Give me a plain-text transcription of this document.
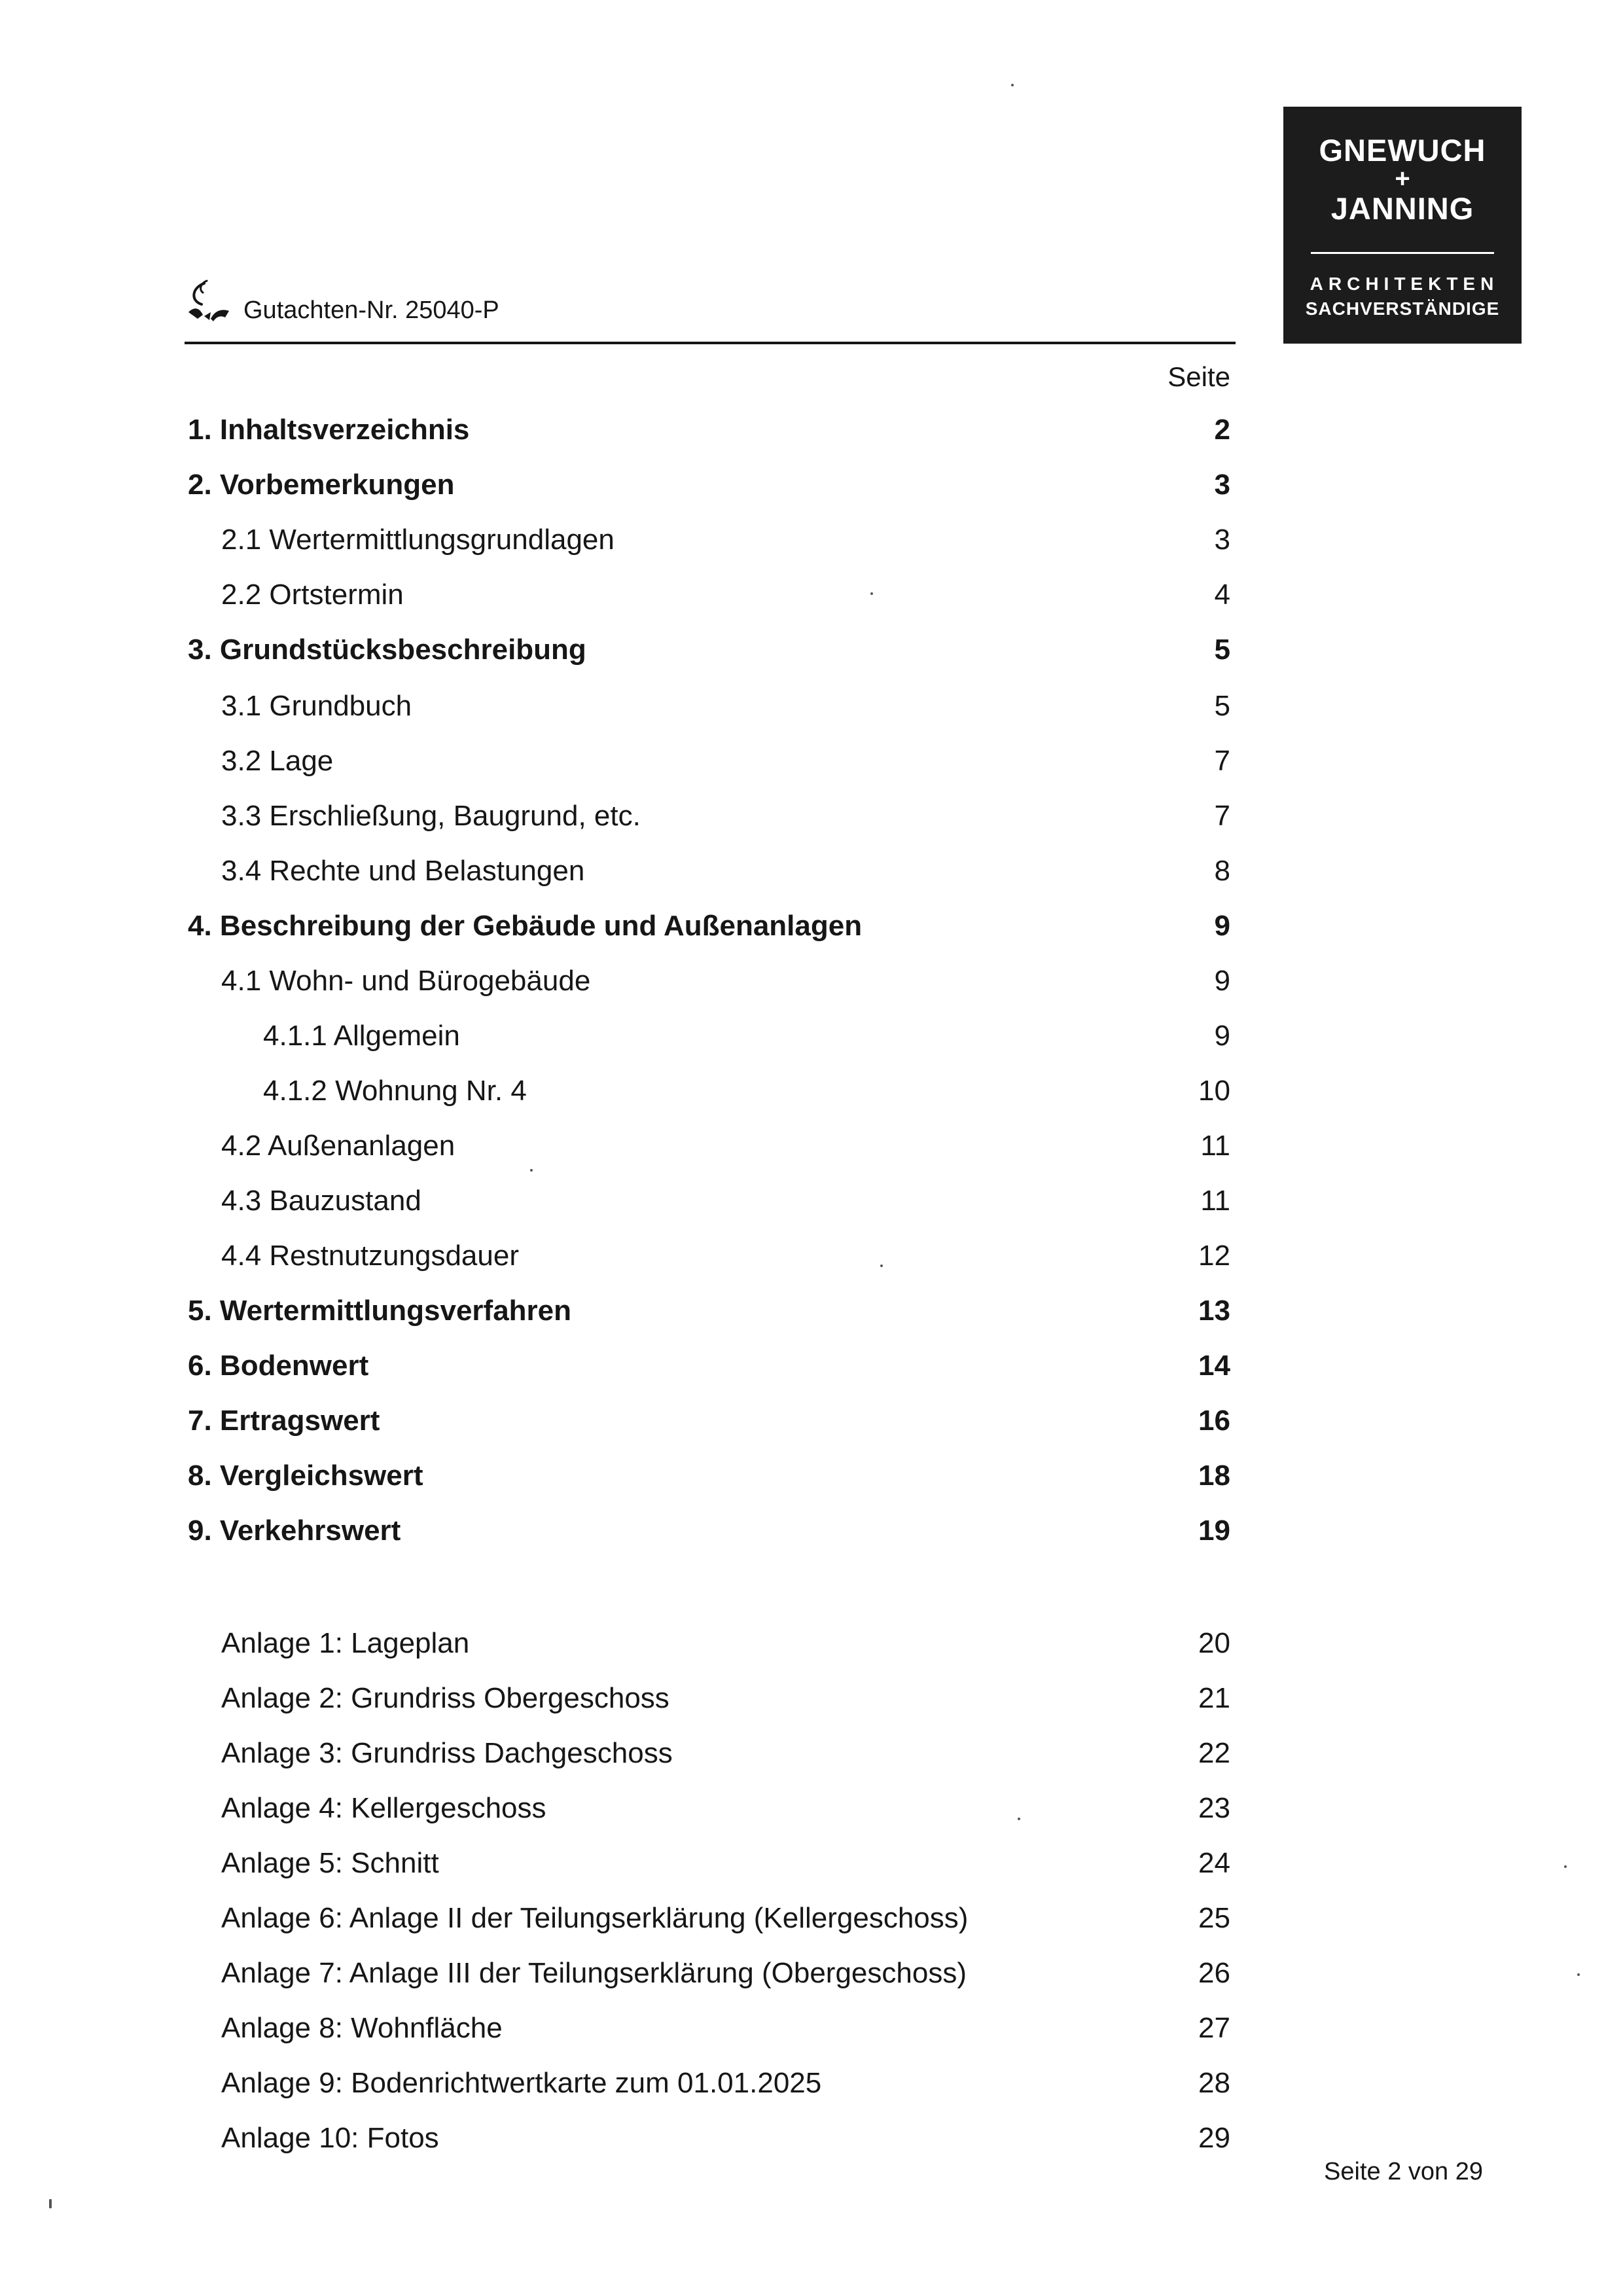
GNEWUCH
+
JANNING
ARCHITEKTEN
SACHVERSTÄNDIGE
Gutachten-Nr. 25040-P
Seite
1. Inhaltsverzeichnis	2
2. Vorbemerkungen	3
2.1 Wertermittlungsgrundlagen	3
2.2 Ortstermin	4
3. Grundstücksbeschreibung	5
3.1 Grundbuch	5
3.2 Lage	7
3.3 Erschließung, Baugrund, etc.	7
3.4 Rechte und Belastungen	8
4. Beschreibung der Gebäude und Außenanlagen	9
4.1 Wohn- und Bürogebäude	9
4.1.1 Allgemein	9
4.1.2 Wohnung Nr. 4	10
4.2 Außenanlagen	11
4.3 Bauzustand	11
4.4 Restnutzungsdauer	12
5. Wertermittlungsverfahren	13
6. Bodenwert	14
7. Ertragswert	16
8. Vergleichswert	18
9. Verkehrswert	19
Anlage 1: Lageplan	20
Anlage 2: Grundriss Obergeschoss	21
Anlage 3: Grundriss Dachgeschoss	22
Anlage 4: Kellergeschoss	23
Anlage 5: Schnitt	24
Anlage 6: Anlage II der Teilungserklärung (Kellergeschoss)	25
Anlage 7: Anlage III der Teilungserklärung (Obergeschoss)	26
Anlage 8: Wohnfläche	27
Anlage 9: Bodenrichtwertkarte zum 01.01.2025	28
Anlage 10: Fotos	29
Seite 2 von 29
